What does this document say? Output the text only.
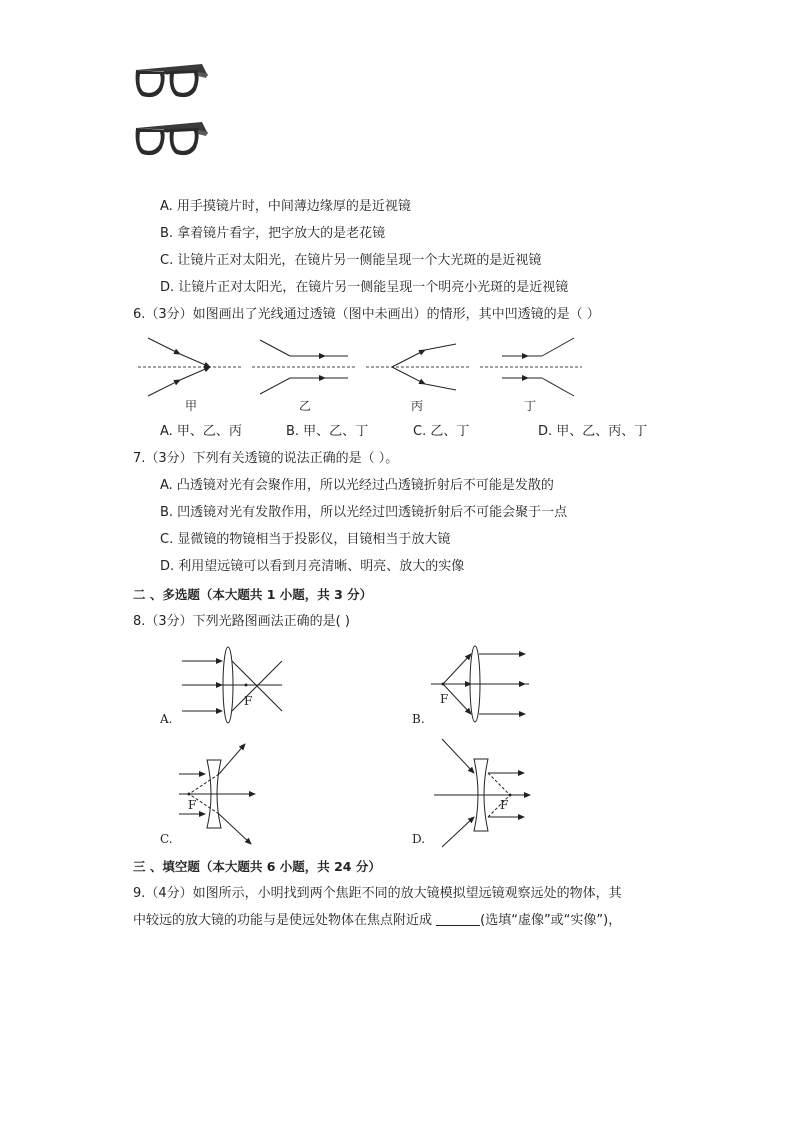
A. 用手摸镜片时，中间薄边缘厚的是近视镜
B. 拿着镜片看字，把字放大的是老花镜
C. 让镜片正对太阳光，在镜片另一侧能呈现一个大光斑的是近视镜
D. 让镜片正对太阳光，在镜片另一侧能呈现一个明亮小光斑的是近视镜
6.（3分）如图画出了光线通过透镜（图中未画出）的情形，其中凹透镜的是（ ）
甲	乙	丙	丁
A. 甲、乙、丙	B. 甲、乙、丁	C. 乙、丁	D. 甲、乙、丙、丁
7.（3分）下列有关透镜的说法正确的是（ ）。
A. 凸透镜对光有会聚作用，所以光经过凸透镜折射后不可能是发散的
B. 凹透镜对光有发散作用，所以光经过凹透镜折射后不可能会聚于一点
C. 显微镜的物镜相当于投影仪，目镜相当于放大镜
D. 利用望远镜可以看到月亮清晰、明亮、放大的实像
二 、多选题（本大题共 1 小题，共 3 分）
8.（3分）下列光路图画法正确的是( )
F
A.
F
B.
F
C.
F
D.
三 、填空题（本大题共 6 小题，共 24 分）
9.（4分）如图所示，小明找到两个焦距不同的放大镜模拟望远镜观察远处的物体，其
中较远的放大镜的功能与是使远处物体在焦点附近成	(选填“虚像”或“实像”)，
